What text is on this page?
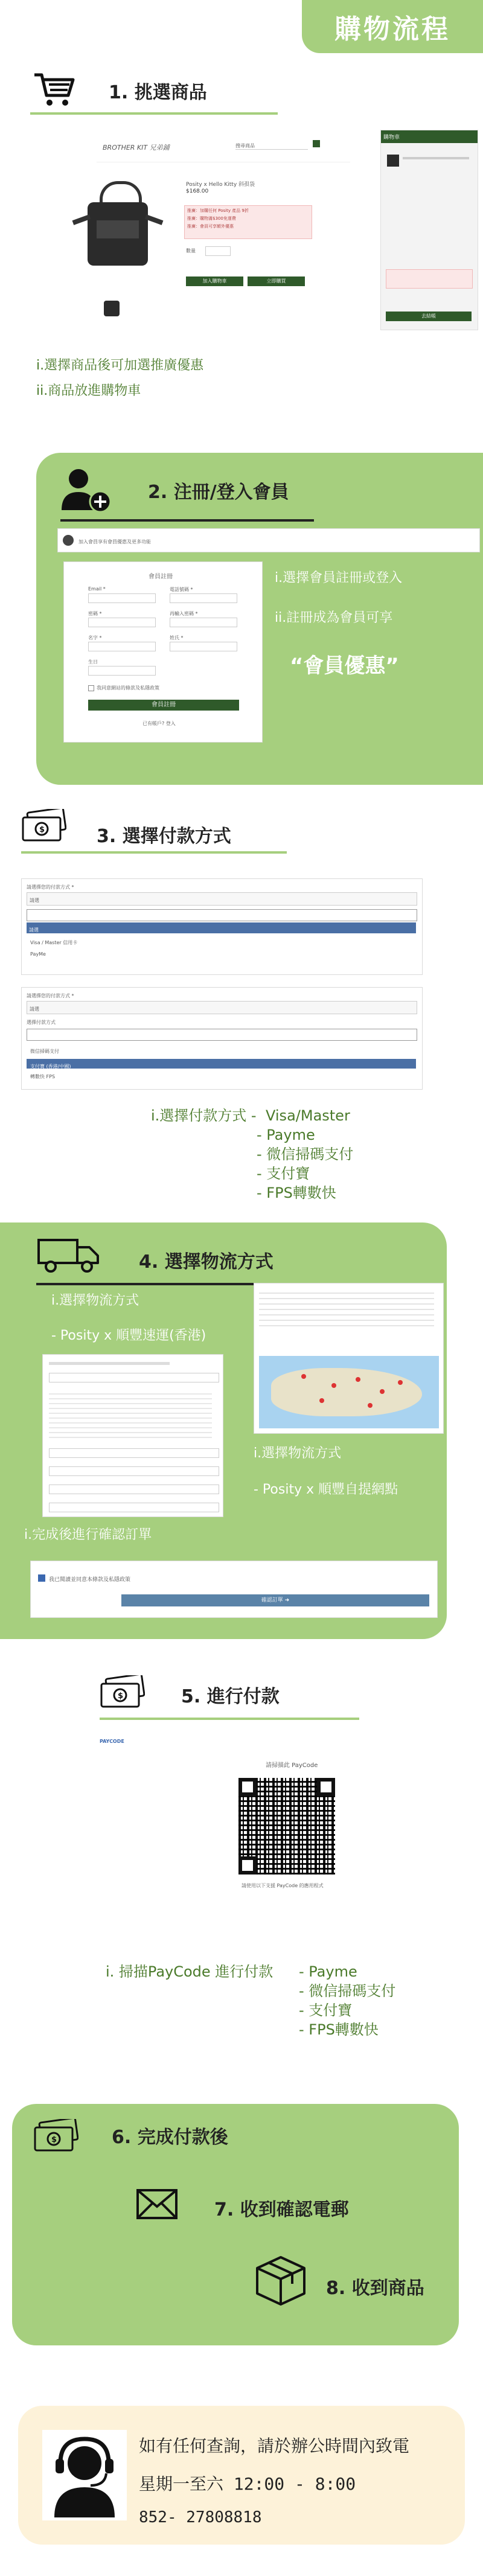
購物流程
1. 挑選商品
BROTHER KIT 兄弟鋪	搜尋商品
Posity x Hello Kitty 斜孭袋
$168.00
推廣：加購任何 Posity 產品 9折
推廣：購物滿$300免運費
推廣：會員可享額外優惠
數量
加入購物車	立即購買
購物車
去結帳
i.選擇商品後可加選推廣優惠
ii.商品放進購物車
2. 注冊/登入會員
加入會員享有會員優惠及更多功能
會員註冊
Email *	電話號碼 *
密碼 *	再輸入密碼 *
名字 *	姓氏 *
生日
我同意網站的條款及私隱政策
會員註冊
已有帳戶? 登入
i.選擇會員註冊或登入
ii.註冊成為會員可享
“會員優惠”
$	3. 選擇付款方式
請選擇您的付款方式 *
請選
請選
Visa / Master 信用卡
PayMe
請選擇您的付款方式 *
請選
選擇付款方式
微信掃碼支付
支付寶 (香港/中國)
轉數快 FPS
i.選擇付款方式 - Visa/Master
- Payme
- 微信掃碼支付
- 支付寶
- FPS轉數快
4. 選擇物流方式
i.選擇物流方式
- Posity x 順豐速運(香港)
i.選擇物流方式
- Posity x 順豐自提網點
i.完成後進行確認訂單
我已閱讀並同意本條款及私隱政策
確認訂單 ➜
$	5. 進行付款
PAYCODE
請掃描此 PayCode
請使用以下支援 PayCode 的應用程式
i. 掃描PayCode 進行付款 - Payme
- 微信掃碼支付
- 支付寶
- FPS轉數快
$	6. 完成付款後
7. 收到確認電郵
8. 收到商品
如有任何查詢，請於辦公時間內致電
星期一至六 12:00 - 8:00
852- 27808818
